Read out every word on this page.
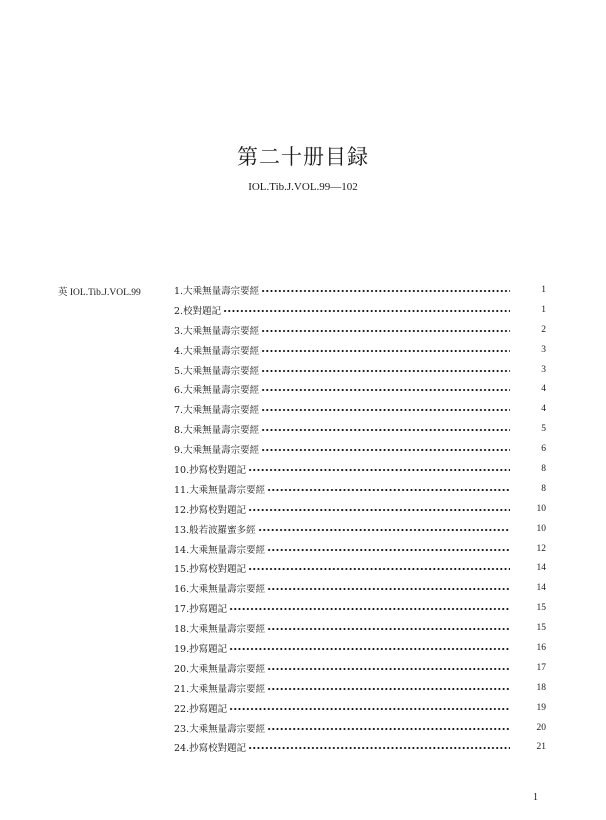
第二十册目録
IOL.Tib.J.VOL.99—102
英 IOL.Tib.J.VOL.99	1.大乘無量壽宗要經	1
2.校對題記	1
3.大乘無量壽宗要經	2
4.大乘無量壽宗要經	3
5.大乘無量壽宗要經	3
6.大乘無量壽宗要經	4
7.大乘無量壽宗要經	4
8.大乘無量壽宗要經	5
9.大乘無量壽宗要經	6
10.抄寫校對題記	8
11.大乘無量壽宗要經	8
12.抄寫校對題記	10
13.般若波羅蜜多經	10
14.大乘無量壽宗要經	12
15.抄寫校對題記	14
16.大乘無量壽宗要經	14
17.抄寫題記	15
18.大乘無量壽宗要經	15
19.抄寫題記	16
20.大乘無量壽宗要經	17
21.大乘無量壽宗要經	18
22.抄寫題記	19
23.大乘無量壽宗要經	20
24.抄寫校對題記	21
1
